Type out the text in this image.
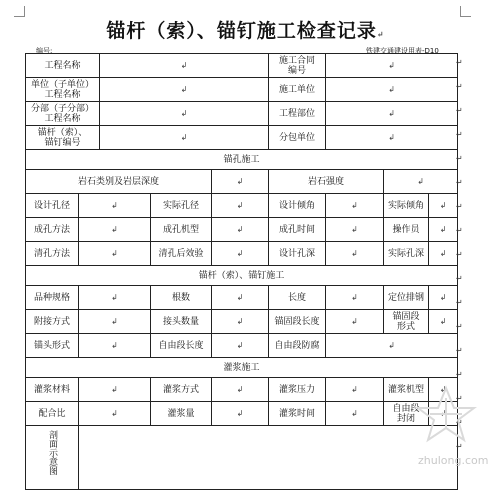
锚杆（索）、锚钉施工检查记录↵
编号:	铁建交通建设用表-D10
工程名称		↲			施工合同
编号	↲		
单位（子单位）
工程名称		↲			施工单位	↲		
分部（子分部）
工程名称		↲			工程部位	↲		
锚杆（索）、
锚钉编号		↲			分包单位	↲		
锚孔施工								
岩石类别及岩层深度				↲	岩石强度		↲	
设计孔径	↲		实际孔径	↲	设计倾角	↲	实际倾角	↲
成孔方法	↲		成孔机型	↲	成孔时间	↲	操作员	↲
清孔方法	↲		清孔后效验	↲	设计孔深	↲	实际孔深	↲
锚杆（索）、锚钉施工								
品种规格	↲		根数	↲	长度	↲	定位排钢	↲
附接方式	↲		接头数量	↲	锚固段长度	↲	锚固段
形式	↲
锚头形式	↲		自由段长度	↲	自由段防腐	↲		
灌浆施工								
灌浆材料	↲		灌浆方式	↲	灌浆压力	↲	灌浆机型	↲
配合比	↲		灌浆量	↲	灌浆时间	↲	自由段
封闭	↲
剖面示意图								
↵
↵
↵
↵
↵
↵
↵
↵
↵
↵
↵
↵
↵
↵
↵
↵
↵
zhulong.com
